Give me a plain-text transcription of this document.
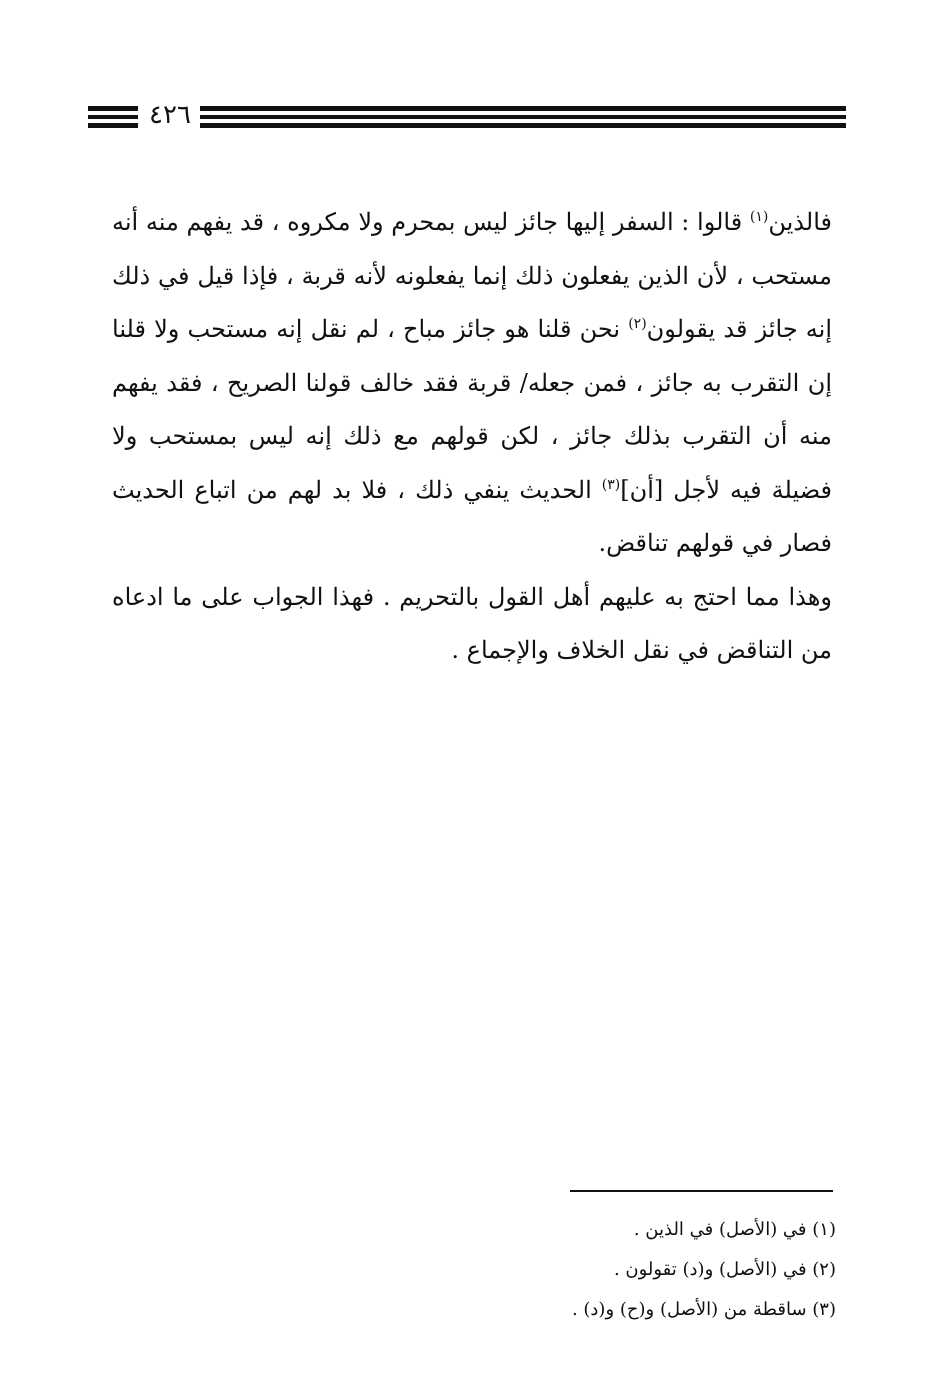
٤٢٦

فالذين$^{(١)}$ قالوا : السفر إليها جائز ليس بمحرم ولا مكروه ، قد يفهم منه أنه مستحب ، لأن الذين يفعلون ذلك إنما يفعلونه لأنه قربة ، فإذا قيل في ذلك إنه جائز قد يقولون$^{(٢)}$ نحن قلنا هو جائز مباح ، لم نقل إنه مستحب ولا قلنا إن التقرب به جائز ، فمن جعله/ قربة فقد خالف قولنا الصريح ، فقد يفهم منه أن التقرب بذلك جائز ، لكن قولهم مع ذلك إنه ليس بمستحب ولا فضيلة فيه لأجل [أن]$^{(٣)}$ الحديث ينفي ذلك ، فلا بد لهم من اتباع الحديث فصار في قولهم تناقض.

وهذا مما احتج به عليهم أهل القول بالتحريم . فهذا الجواب على ما ادعاه من التناقض في نقل الخلاف والإجماع .

(١) في (الأصل) في الذين .
(٢) في (الأصل) و(د) تقولون .
(٣) ساقطة من (الأصل) و(ح) و(د) .
